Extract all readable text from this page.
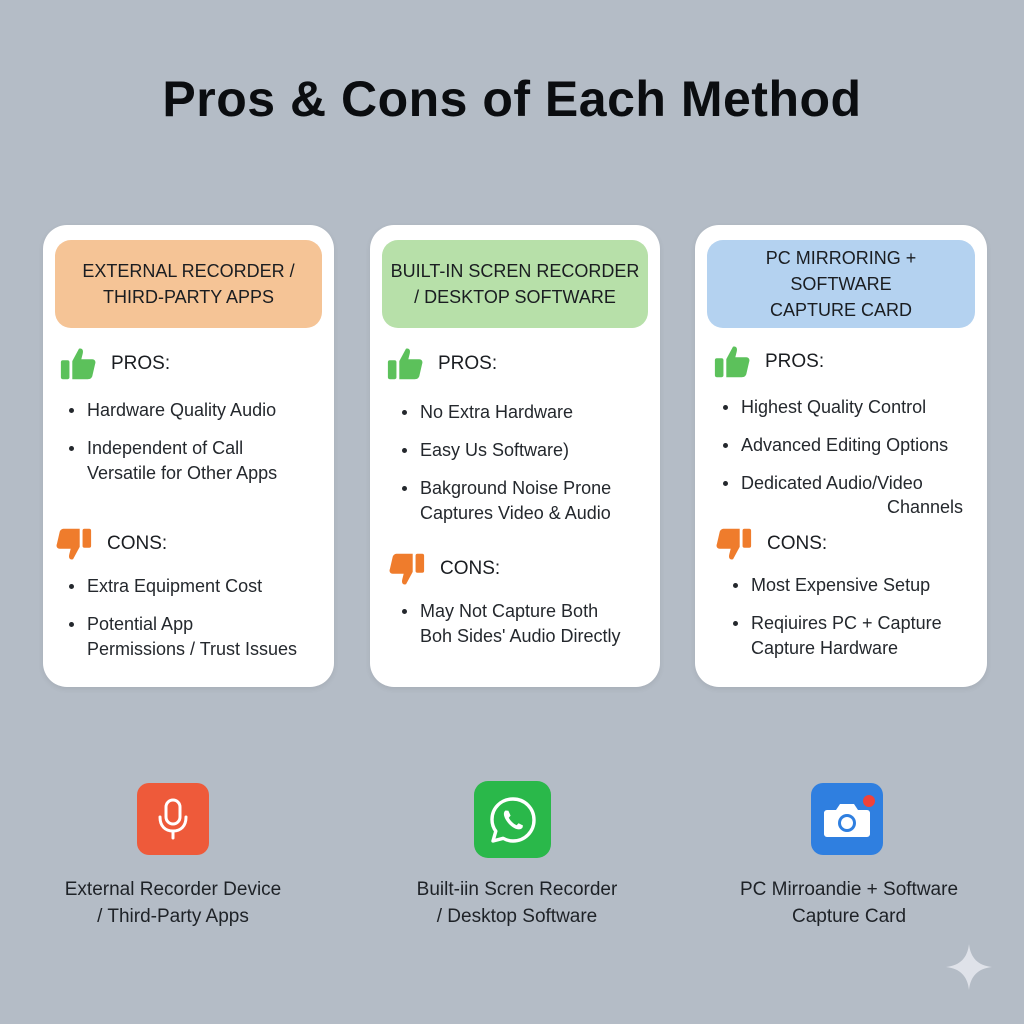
Pros & Cons of Each Method
EXTERNAL RECORDER /
THIRD-PARTY APPS
PROS:
Hardware Quality Audio
Independent of Call
Versatile for Other Apps
CONS:
Extra Equipment Cost
Potential App
Permissions / Trust Issues
BUILT-IN SCREN RECORDER
/ DESKTOP SOFTWARE
PROS:
No Extra Hardware
Easy Us Software)
Bakground Noise Prone
Captures Video & Audio
CONS:
May Not Capture Both
Boh Sides' Audio Directly
PC MIRRORING + SOFTWARE
CAPTURE CARD
PROS:
Highest Quality Control
Advanced Editing Options
Dedicated Audio/Video
Channels
CONS:
Most Expensive Setup
Reqiuires PC + Capture
Capture Hardware
External Recorder Device
/ Third-Party Apps
Built-iin Scren Recorder
/ Desktop Software
PC Mirroandie + Software
Capture Card
